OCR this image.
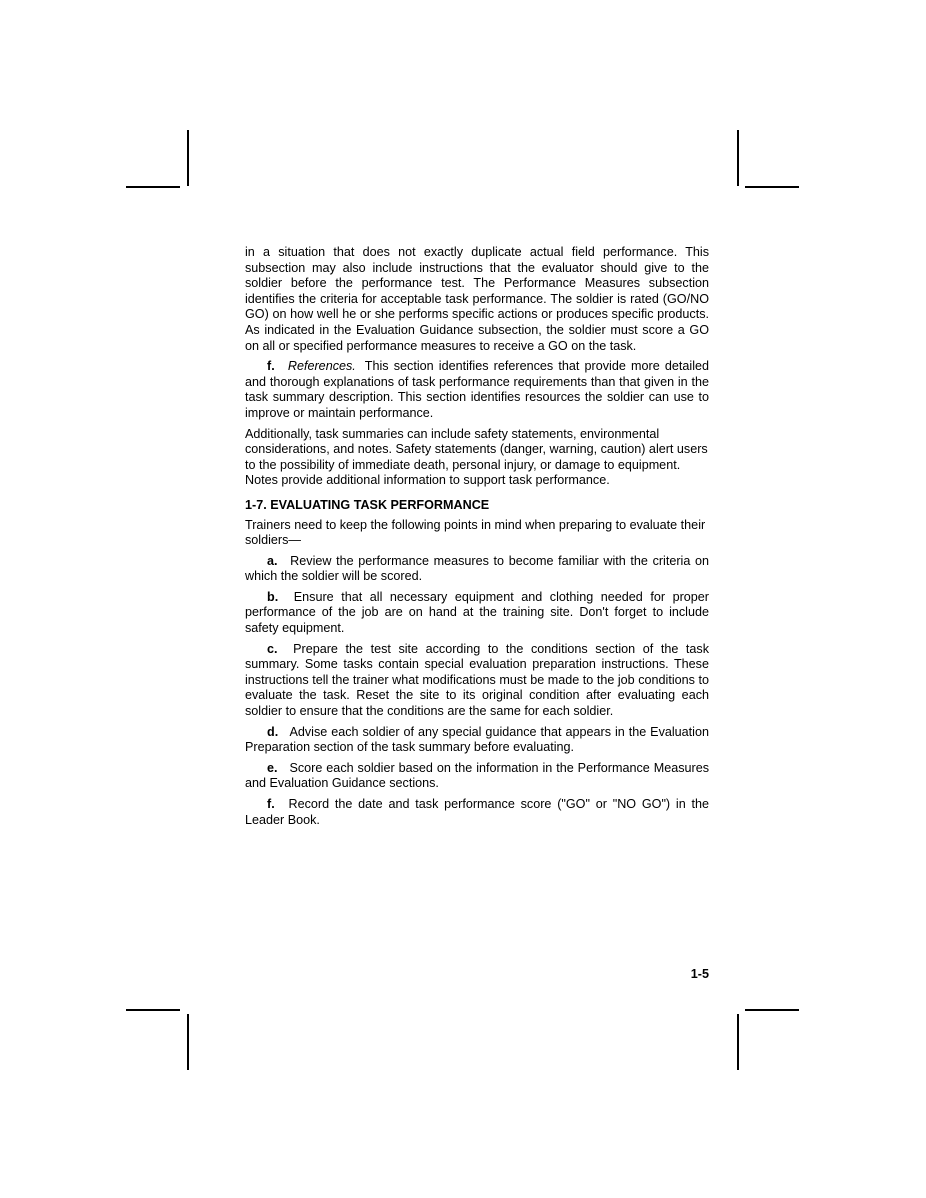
in a situation that does not exactly duplicate actual field performance. This subsection may also include instructions that the evaluator should give to the soldier before the performance test. The Performance Measures subsection identifies the criteria for acceptable task performance. The soldier is rated (GO/NO GO) on how well he or she performs specific actions or produces specific products. As indicated in the Evaluation Guidance subsection, the soldier must score a GO on all or specified performance measures to receive a GO on the task.

f. References. This section identifies references that provide more detailed and thorough explanations of task performance requirements than that given in the task summary description. This section identifies resources the soldier can use to improve or maintain performance.

Additionally, task summaries can include safety statements, environmental considerations, and notes. Safety statements (danger, warning, caution) alert users to the possibility of immediate death, personal injury, or damage to equipment. Notes provide additional information to support task performance.

1-7. EVALUATING TASK PERFORMANCE

Trainers need to keep the following points in mind when preparing to evaluate their soldiers—

a. Review the performance measures to become familiar with the criteria on which the soldier will be scored.

b. Ensure that all necessary equipment and clothing needed for proper performance of the job are on hand at the training site. Don't forget to include safety equipment.

c. Prepare the test site according to the conditions section of the task summary. Some tasks contain special evaluation preparation instructions. These instructions tell the trainer what modifications must be made to the job conditions to evaluate the task. Reset the site to its original condition after evaluating each soldier to ensure that the conditions are the same for each soldier.

d. Advise each soldier of any special guidance that appears in the Evaluation Preparation section of the task summary before evaluating.

e. Score each soldier based on the information in the Performance Measures and Evaluation Guidance sections.

f. Record the date and task performance score ("GO" or "NO GO") in the Leader Book.

1-5
